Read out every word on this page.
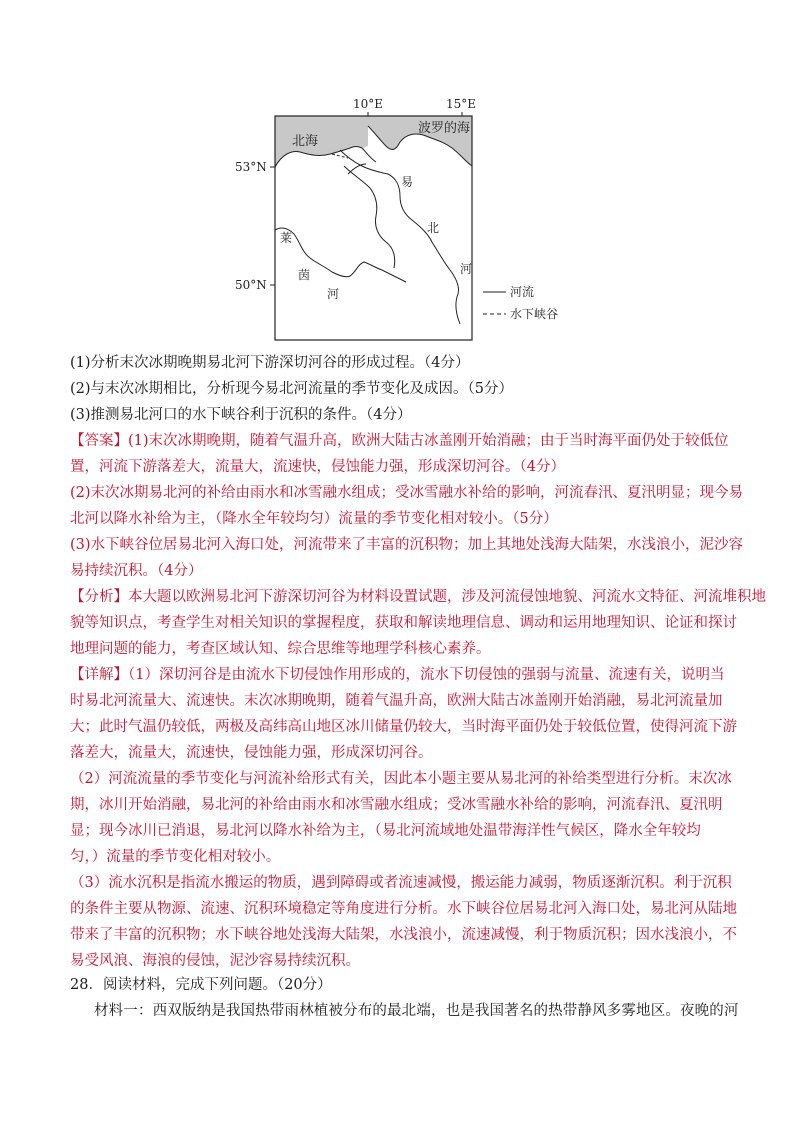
10°E	15°E
53°N
50°N
北海
波罗的海
易
北
河
莱
茵
河	河流
水下峡谷
(1)分析末次冰期晚期易北河下游深切河谷的形成过程。（4分）
(2)与末次冰期相比，分析现今易北河流量的季节变化及成因。（5分）
(3)推测易北河口的水下峡谷利于沉积的条件。（4分）
【答案】(1)末次冰期晚期，随着气温升高，欧洲大陆古冰盖刚开始消融；由于当时海平面仍处于较低位
置，河流下游落差大，流量大，流速快，侵蚀能力强，形成深切河谷。（4分）
(2)末次冰期易北河的补给由雨水和冰雪融水组成；受冰雪融水补给的影响，河流春汛、夏汛明显；现今易
北河以降水补给为主，（降水全年较均匀）流量的季节变化相对较小。（5分）
(3)水下峡谷位居易北河入海口处，河流带来了丰富的沉积物；加上其地处浅海大陆架，水浅浪小，泥沙容
易持续沉积。（4分）
【分析】本大题以欧洲易北河下游深切河谷为材料设置试题，涉及河流侵蚀地貌、河流水文特征、河流堆积地
貌等知识点，考查学生对相关知识的掌握程度，获取和解读地理信息、调动和运用地理知识、论证和探讨
地理问题的能力，考查区域认知、综合思维等地理学科核心素养。
【详解】（1）深切河谷是由流水下切侵蚀作用形成的，流水下切侵蚀的强弱与流量、流速有关，说明当
时易北河流量大、流速快。末次冰期晚期，随着气温升高，欧洲大陆古冰盖刚开始消融，易北河流量加
大；此时气温仍较低，两极及高纬高山地区冰川储量仍较大，当时海平面仍处于较低位置，使得河流下游
落差大，流量大，流速快，侵蚀能力强，形成深切河谷。
（2）河流流量的季节变化与河流补给形式有关，因此本小题主要从易北河的补给类型进行分析。末次冰
期，冰川开始消融，易北河的补给由雨水和冰雪融水组成；受冰雪融水补给的影响，河流春汛、夏汛明
显；现今冰川已消退，易北河以降水补给为主，（易北河流域地处温带海洋性气候区，降水全年较均
匀，）流量的季节变化相对较小。
（3）流水沉积是指流水搬运的物质，遇到障碍或者流速减慢，搬运能力减弱，物质逐渐沉积。利于沉积
的条件主要从物源、流速、沉积环境稳定等角度进行分析。水下峡谷位居易北河入海口处，易北河从陆地
带来了丰富的沉积物；水下峡谷地处浅海大陆架，水浅浪小，流速减慢，利于物质沉积；因水浅浪小，不
易受风浪、海浪的侵蚀，泥沙容易持续沉积。
28．阅读材料，完成下列问题。（20分）
材料一：西双版纳是我国热带雨林植被分布的最北端，也是我国著名的热带静风多雾地区。夜晚的河
